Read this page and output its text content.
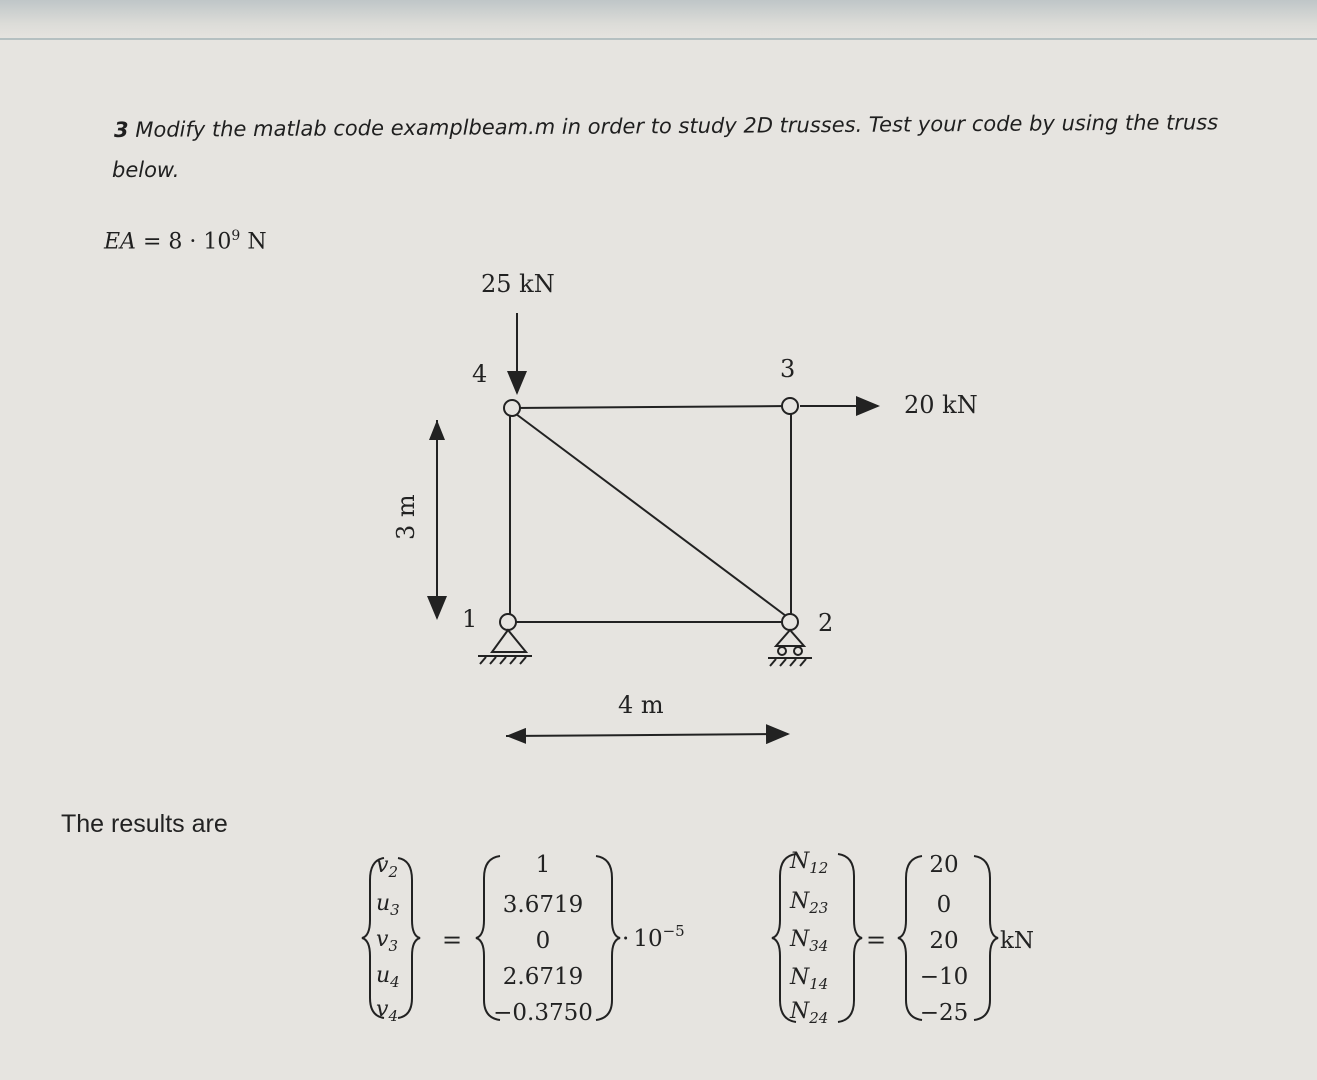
3 Modify the matlab code examplbeam.m in order to study 2D trusses. Test your code by using the truss
below.
EA = $8 \cdot 10^9$ N
25 kN
20 kN
1	2
3
4
3 m
4 m
The results are
$v_2$
$u_3$
$v_3$
$u_4$
$v_4$
=
1
3.6719
0
2.6719
−0.3750
· $10^{-5}$
$N_{12}$
$N_{23}$
$N_{34}$
$N_{14}$
$N_{24}$
=
20
0
20
−10
−25
kN
